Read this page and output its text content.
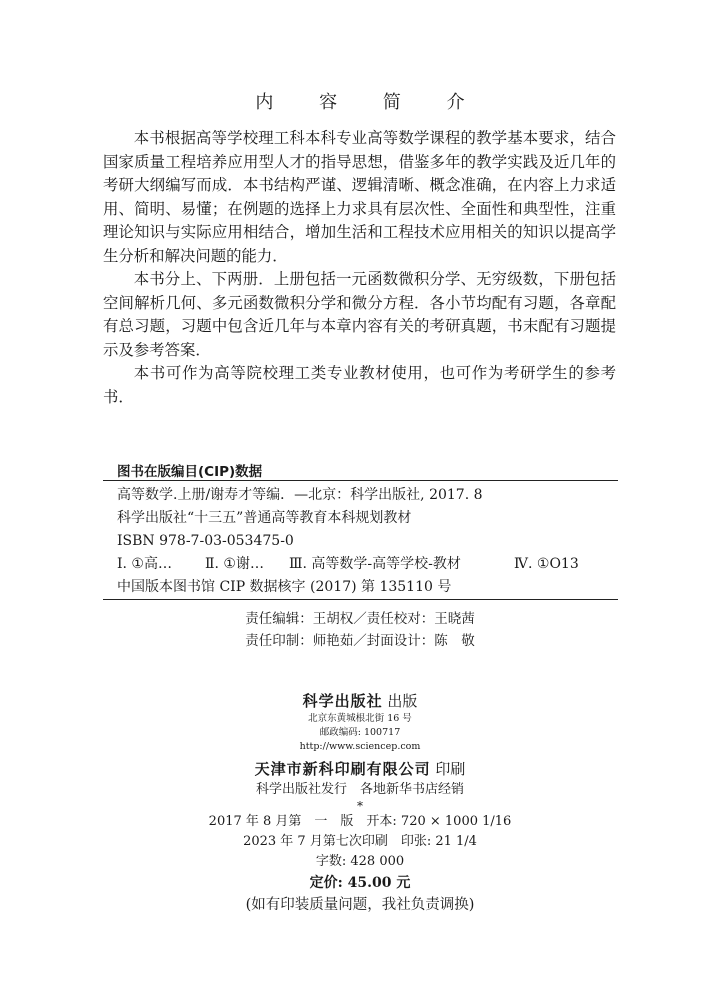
内 容 简 介

本书根据高等学校理工科本科专业高等数学课程的教学基本要求，结合国家质量工程培养应用型人才的指导思想，借鉴多年的教学实践及近几年的考研大纲编写而成．本书结构严谨、逻辑清晰、概念准确，在内容上力求适用、简明、易懂；在例题的选择上力求具有层次性、全面性和典型性，注重理论知识与实际应用相结合，增加生活和工程技术应用相关的知识以提高学生分析和解决问题的能力．

本书分上、下两册．上册包括一元函数微积分学、无穷级数，下册包括空间解析几何、多元函数微积分学和微分方程．各小节均配有习题，各章配有总习题，习题中包含近几年与本章内容有关的考研真题，书末配有习题提示及参考答案．

本书可作为高等院校理工类专业教材使用，也可作为考研学生的参考书．

图书在版编目(CIP)数据
高等数学.上册/谢寿才等编．—北京：科学出版社, 2017. 8
科学出版社“十三五”普通高等教育本科规划教材
ISBN 978-7-03-053475-0
Ⅰ. ①高… Ⅱ. ①谢… Ⅲ. 高等数学-高等学校-教材	Ⅳ. ①O13
中国版本图书馆 CIP 数据核字 (2017) 第 135110 号
责任编辑：王胡权／责任校对：王晓茜
责任印制：师艳茹／封面设计：陈　敬
科学出版社 出版
北京东黄城根北街 16 号
邮政编码: 100717
http://www.sciencep.com
天津市新科印刷有限公司 印刷
科学出版社发行　各地新华书店经销
*
2017 年 8 月第　一　版　开本: 720 × 1000 1/16
2023 年 7 月第七次印刷　印张: 21 1/4
字数: 428 000
定价: 45.00 元
(如有印装质量问题，我社负责调换)
